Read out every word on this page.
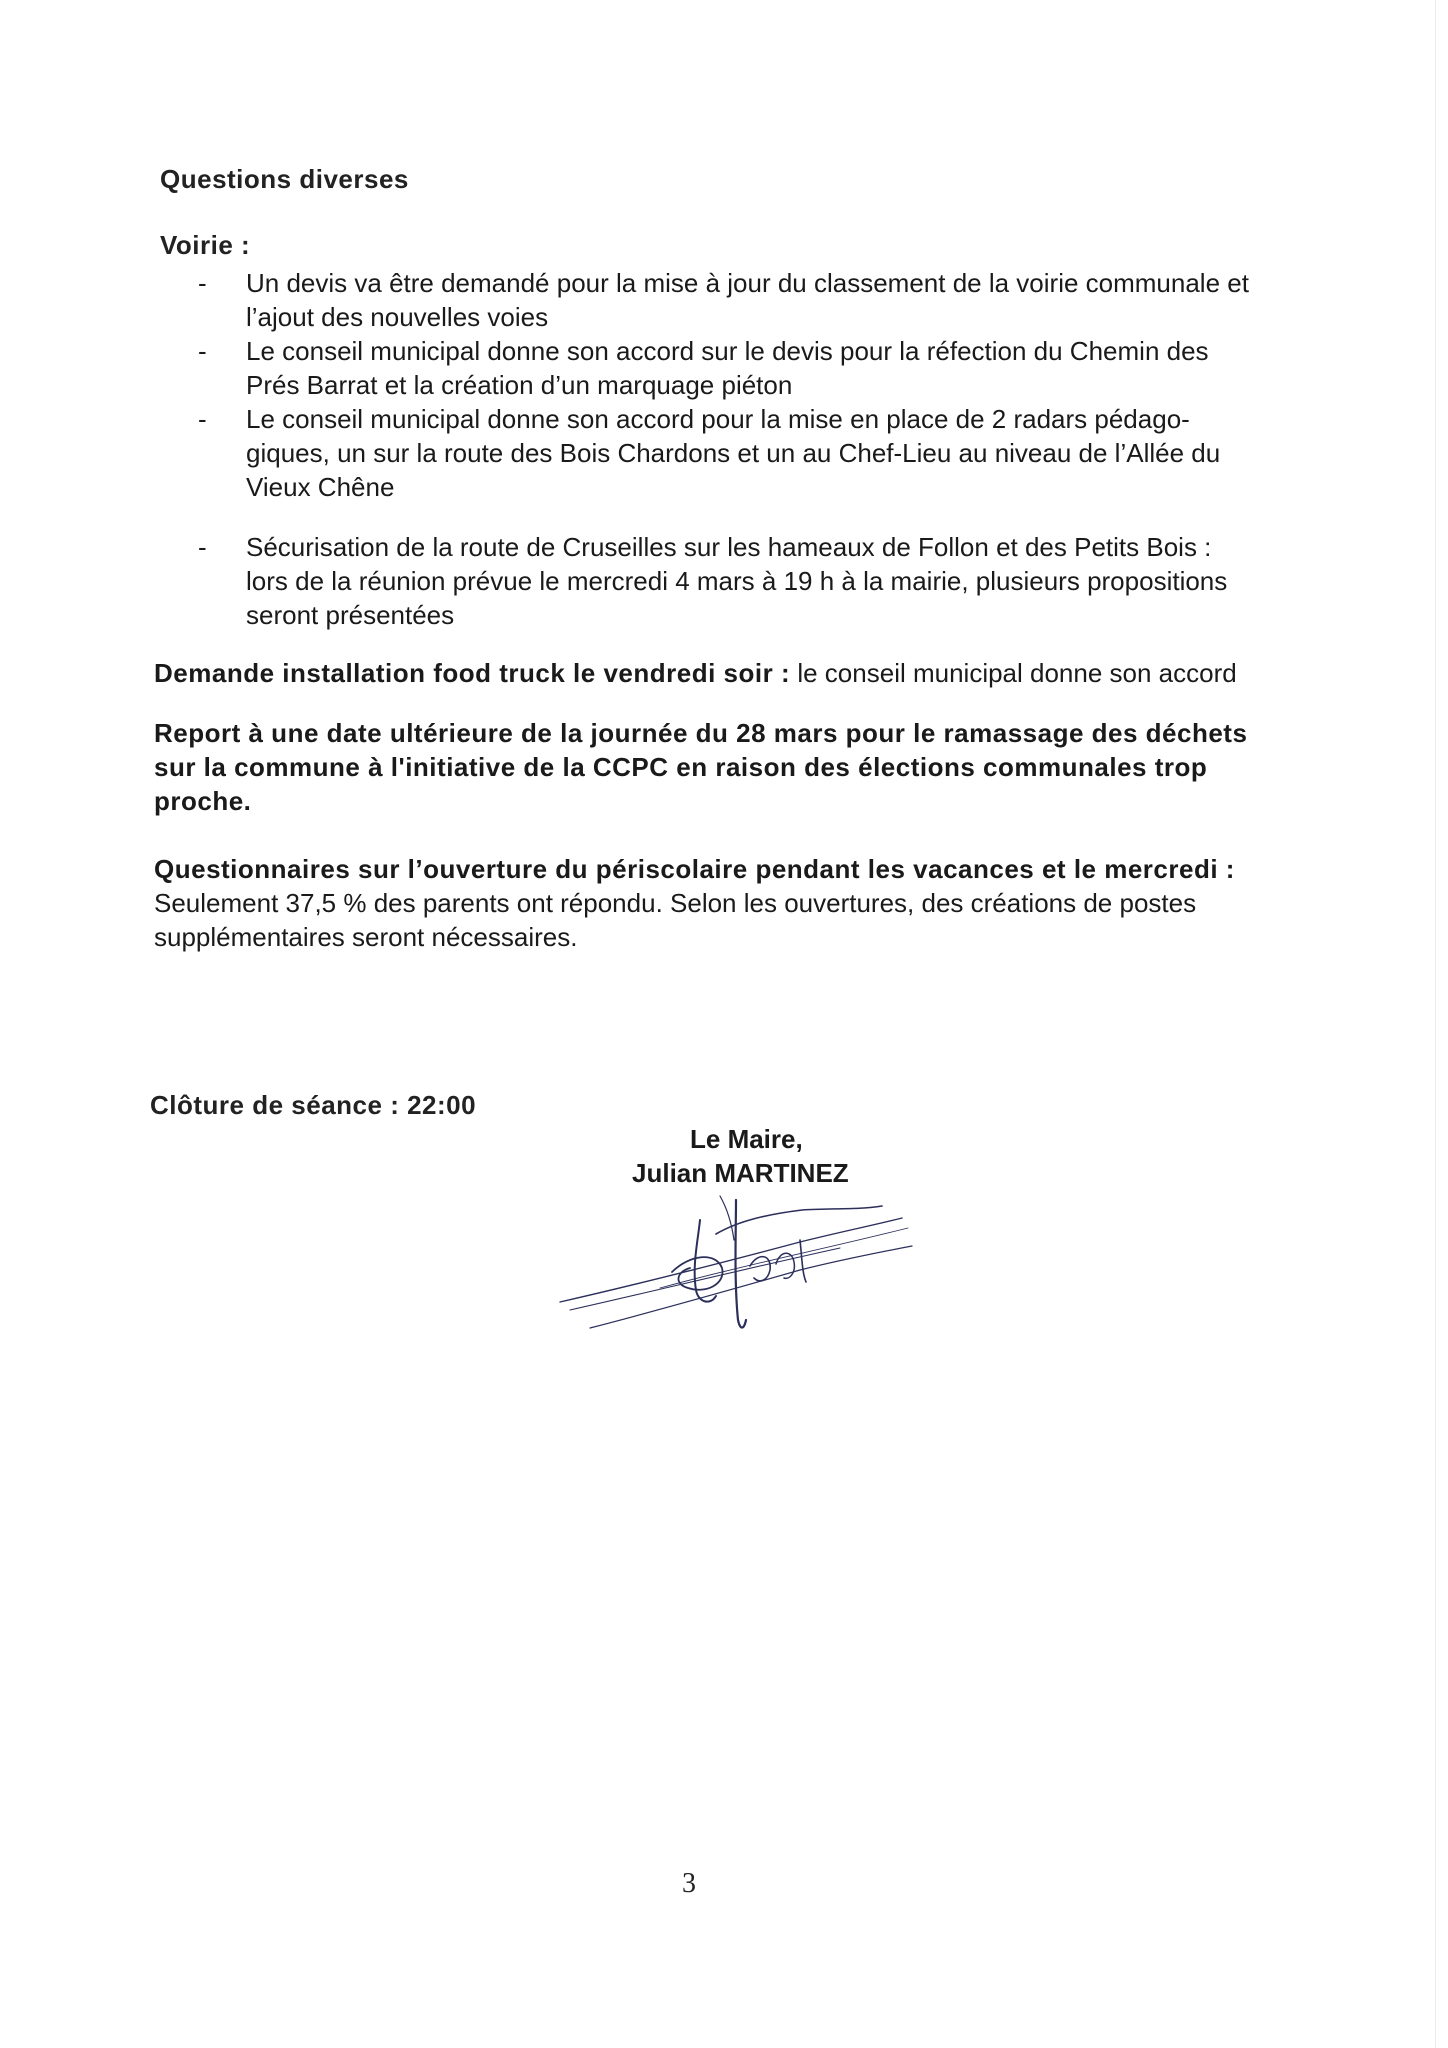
Questions diverses
Voirie :
- Un devis va être demandé pour la mise à jour du classement de la voirie communale et
l’ajout des nouvelles voies
- Le conseil municipal donne son accord sur le devis pour la réfection du Chemin des
Prés Barrat et la création d’un marquage piéton
- Le conseil municipal donne son accord pour la mise en place de 2 radars pédago-
giques, un sur la route des Bois Chardons et un au Chef-Lieu au niveau de l’Allée du
Vieux Chêne
- Sécurisation de la route de Cruseilles sur les hameaux de Follon et des Petits Bois :
lors de la réunion prévue le mercredi 4 mars à 19 h à la mairie, plusieurs propositions
seront présentées
Demande installation food truck le vendredi soir : le conseil municipal donne son accord
Report à une date ultérieure de la journée du 28 mars pour le ramassage des déchets
sur la commune à l'initiative de la CCPC en raison des élections communales trop
proche.
Questionnaires sur l’ouverture du périscolaire pendant les vacances et le mercredi :
Seulement 37,5 % des parents ont répondu. Selon les ouvertures, des créations de postes
supplémentaires seront nécessaires.
Clôture de séance : 22:00
Le Maire,
Julian MARTINEZ
3
